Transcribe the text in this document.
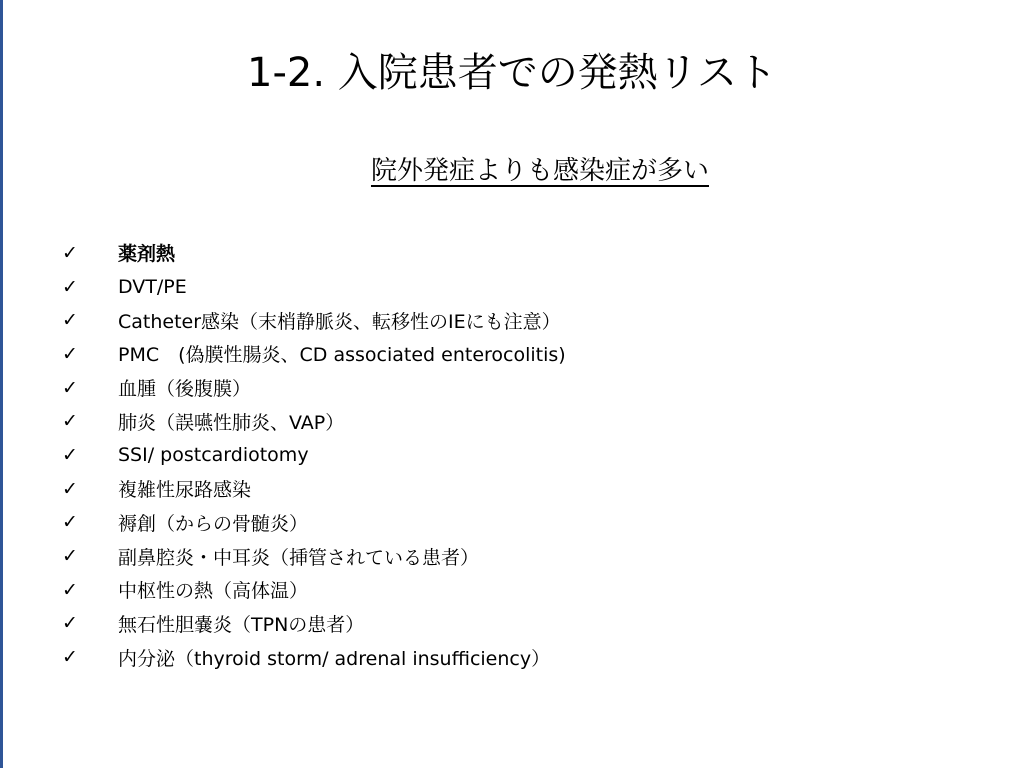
1-2. 入院患者での発熱リスト
院外発症よりも感染症が多い
✓	薬剤熱
✓	DVT/PE
✓	Catheter感染（末梢静脈炎、転移性のIEにも注意）
✓	PMC　(偽膜性腸炎、CD associated enterocolitis)
✓	血腫（後腹膜）
✓	肺炎（誤嚥性肺炎、VAP）
✓	SSI/ postcardiotomy
✓	複雑性尿路感染
✓	褥創（からの骨髄炎）
✓	副鼻腔炎・中耳炎（挿管されている患者）
✓	中枢性の熱（高体温）
✓	無石性胆嚢炎（TPNの患者）
✓	内分泌（thyroid storm/ adrenal insufficiency）
